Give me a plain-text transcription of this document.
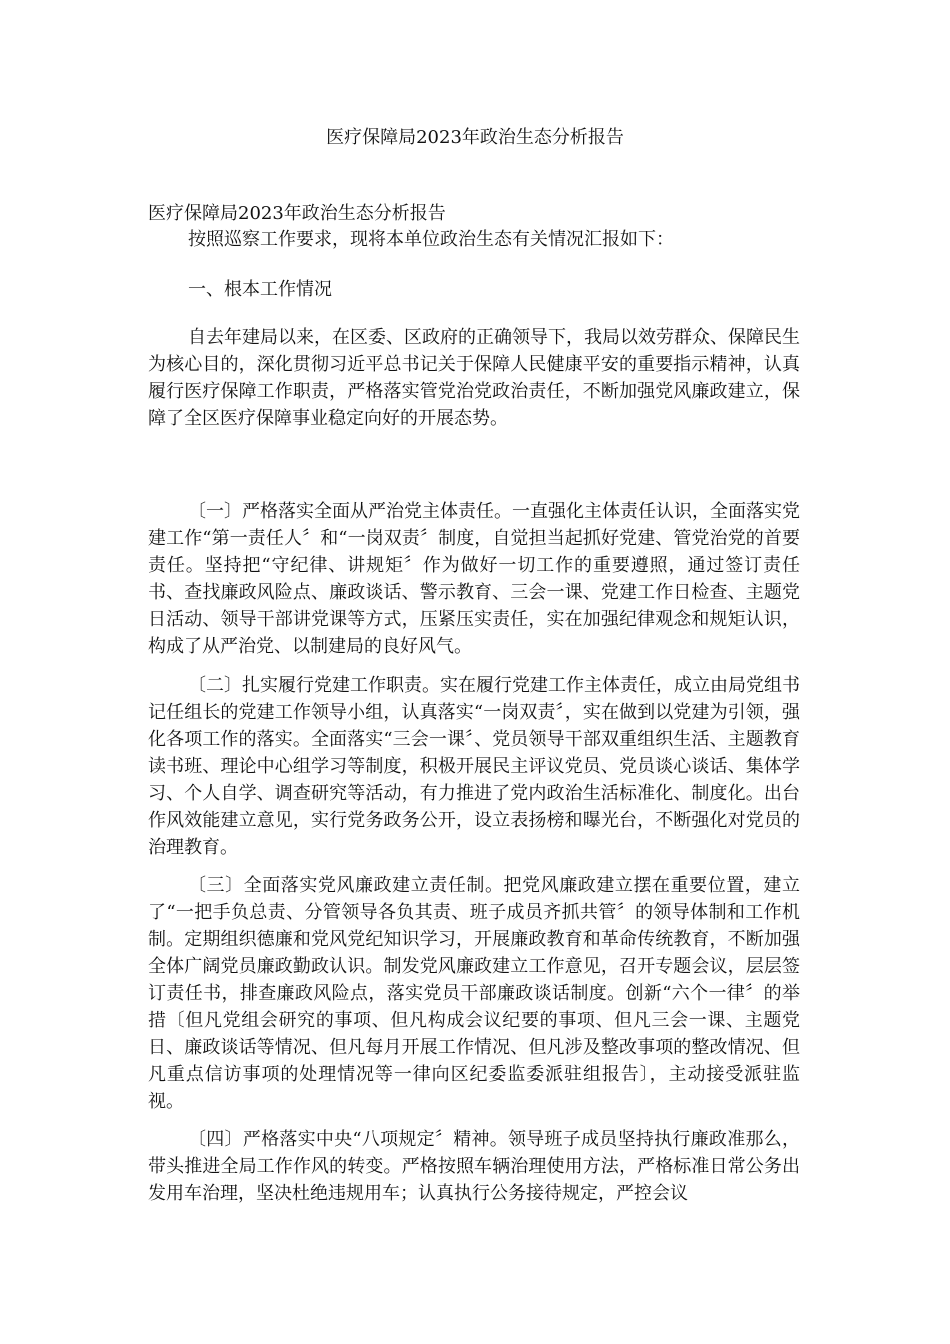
医疗保障局2023年政治生态分析报告
医疗保障局2023年政治生态分析报告
按照巡察工作要求，现将本单位政治生态有关情况汇报如下：
一、根本工作情况

自去年建局以来，在区委、区政府的正确领导下，我局以效劳群众、保障民生为核心目的，深化贯彻习近平总书记关于保障人民健康平安的重要指示精神，认真履行医疗保障工作职责，严格落实管党治党政治责任，不断加强党风廉政建立，保障了全区医疗保障事业稳定向好的开展态势。

〔一〕严格落实全面从严治党主体责任。一直强化主体责任认识，全面落实党建工作“第一责任人〞和“一岗双责〞制度，自觉担当起抓好党建、管党治党的首要责任。坚持把“守纪律、讲规矩〞作为做好一切工作的重要遵照，通过签订责任书、查找廉政风险点、廉政谈话、警示教育、三会一课、党建工作日检查、主题党日活动、领导干部讲党课等方式，压紧压实责任，实在加强纪律观念和规矩认识，构成了从严治党、以制建局的良好风气。

〔二〕扎实履行党建工作职责。实在履行党建工作主体责任，成立由局党组书记任组长的党建工作领导小组，认真落实“一岗双责〞，实在做到以党建为引领，强化各项工作的落实。全面落实“三会一课〞、党员领导干部双重组织生活、主题教育读书班、理论中心组学习等制度，积极开展民主评议党员、党员谈心谈话、集体学习、个人自学、调查研究等活动，有力推进了党内政治生活标准化、制度化。出台作风效能建立意见，实行党务政务公开，设立表扬榜和曝光台，不断强化对党员的治理教育。

〔三〕全面落实党风廉政建立责任制。把党风廉政建立摆在重要位置，建立了“一把手负总责、分管领导各负其责、班子成员齐抓共管〞的领导体制和工作机制。定期组织德廉和党风党纪知识学习，开展廉政教育和革命传统教育，不断加强全体广阔党员廉政勤政认识。制发党风廉政建立工作意见，召开专题会议，层层签订责任书，排查廉政风险点，落实党员干部廉政谈话制度。创新“六个一律〞的举措〔但凡党组会研究的事项、但凡构成会议纪要的事项、但凡三会一课、主题党日、廉政谈话等情况、但凡每月开展工作情况、但凡涉及整改事项的整改情况、但凡重点信访事项的处理情况等一律向区纪委监委派驻组报告〕，主动接受派驻监视。

〔四〕严格落实中央“八项规定〞精神。领导班子成员坚持执行廉政准那么，带头推进全局工作作风的转变。严格按照车辆治理使用方法，严格标准日常公务出发用车治理，坚决杜绝违规用车；认真执行公务接待规定，严控会议
